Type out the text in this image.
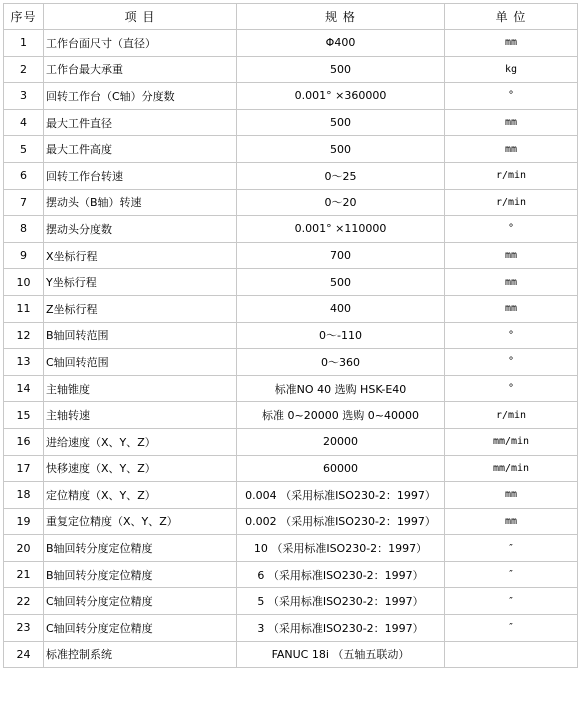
序号	项 目	规 格	单 位
1	工作台面尺寸（直径）	Φ400	mm
2	工作台最大承重	500	kg
3	回转工作台（C轴）分度数	0.001° ×360000	°
4	最大工件直径	500	mm
5	最大工件高度	500	mm
6	回转工作台转速	0～25	r/min
7	摆动头（B轴）转速	0～20	r/min
8	摆动头分度数	0.001° ×110000	°
9	X坐标行程	700	mm
10	Y坐标行程	500	mm
11	Z坐标行程	400	mm
12	B轴回转范围	0～-110	°
13	C轴回转范围	0～360	°
14	主轴锥度	标准NO 40 选购 HSK-E40	°
15	主轴转速	标准 0~20000 选购 0~40000	r/min
16	进给速度（X、Y、Z）	20000	mm/min
17	快移速度（X、Y、Z）	60000	mm/min
18	定位精度（X、Y、Z）	0.004 （采用标准ISO230-2：1997）	mm
19	重复定位精度（X、Y、Z）	0.002 （采用标准ISO230-2：1997）	mm
20	B轴回转分度定位精度	10 （采用标准ISO230-2：1997）	″
21	B轴回转分度定位精度	6 （采用标准ISO230-2：1997）	″
22	C轴回转分度定位精度	5 （采用标准ISO230-2：1997）	″
23	C轴回转分度定位精度	3 （采用标准ISO230-2：1997）	″
24	标准控制系统	FANUC 18i （五轴五联动）	
